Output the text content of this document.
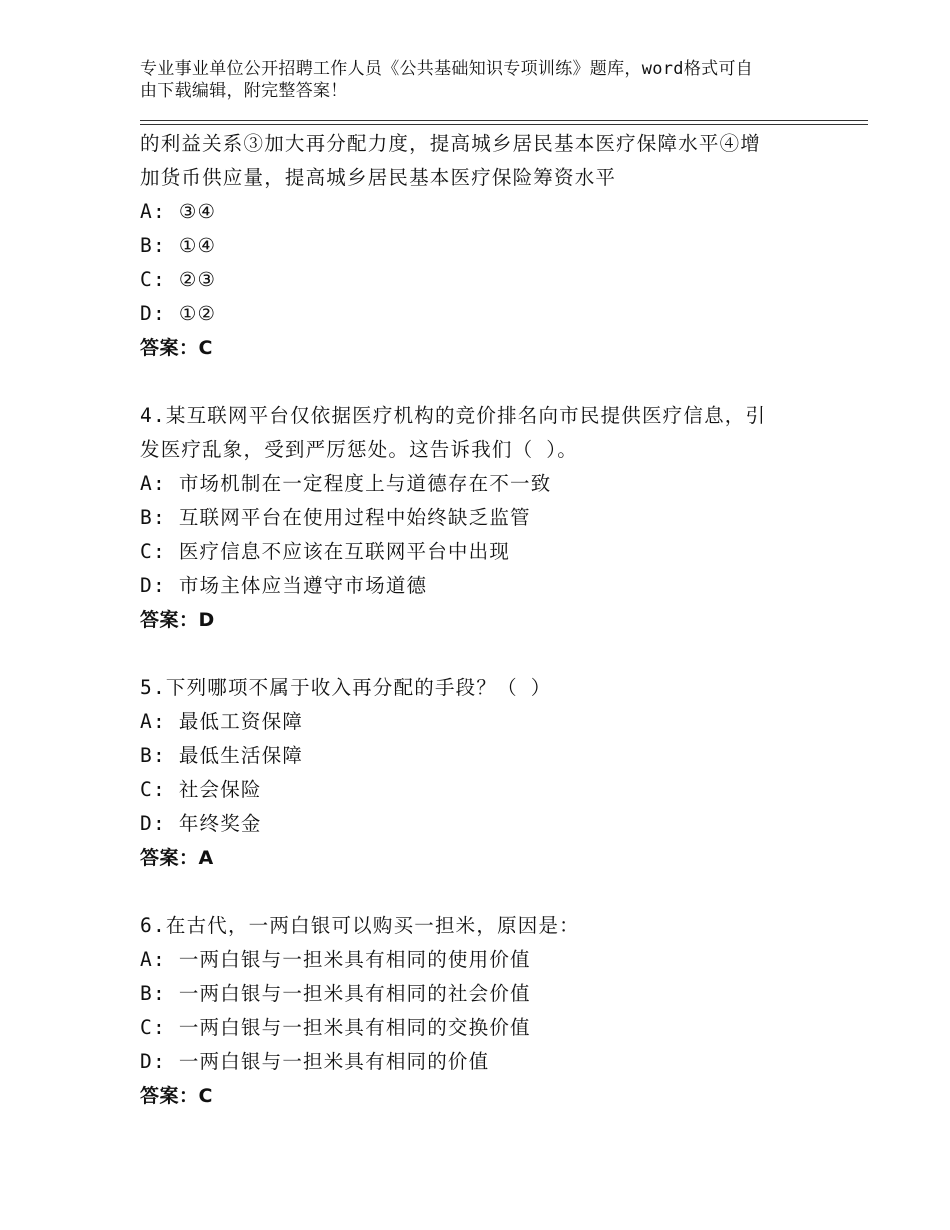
专业事业单位公开招聘工作人员《公共基础知识专项训练》题库，word格式可自
由下载编辑，附完整答案！
的利益关系③加大再分配力度，提高城乡居民基本医疗保障水平④增
加货币供应量，提高城乡居民基本医疗保险筹资水平
A: ③④
B: ①④
C: ②③
D: ①②
答案：C
4.某互联网平台仅依据医疗机构的竞价排名向市民提供医疗信息，引
发医疗乱象，受到严厉惩处。这告诉我们（ ）。
A: 市场机制在一定程度上与道德存在不一致
B: 互联网平台在使用过程中始终缺乏监管
C: 医疗信息不应该在互联网平台中出现
D: 市场主体应当遵守市场道德
答案：D
5.下列哪项不属于收入再分配的手段？（ ）
A: 最低工资保障
B: 最低生活保障
C: 社会保险
D: 年终奖金
答案：A
6.在古代，一两白银可以购买一担米，原因是：
A: 一两白银与一担米具有相同的使用价值
B: 一两白银与一担米具有相同的社会价值
C: 一两白银与一担米具有相同的交换价值
D: 一两白银与一担米具有相同的价值
答案：C
